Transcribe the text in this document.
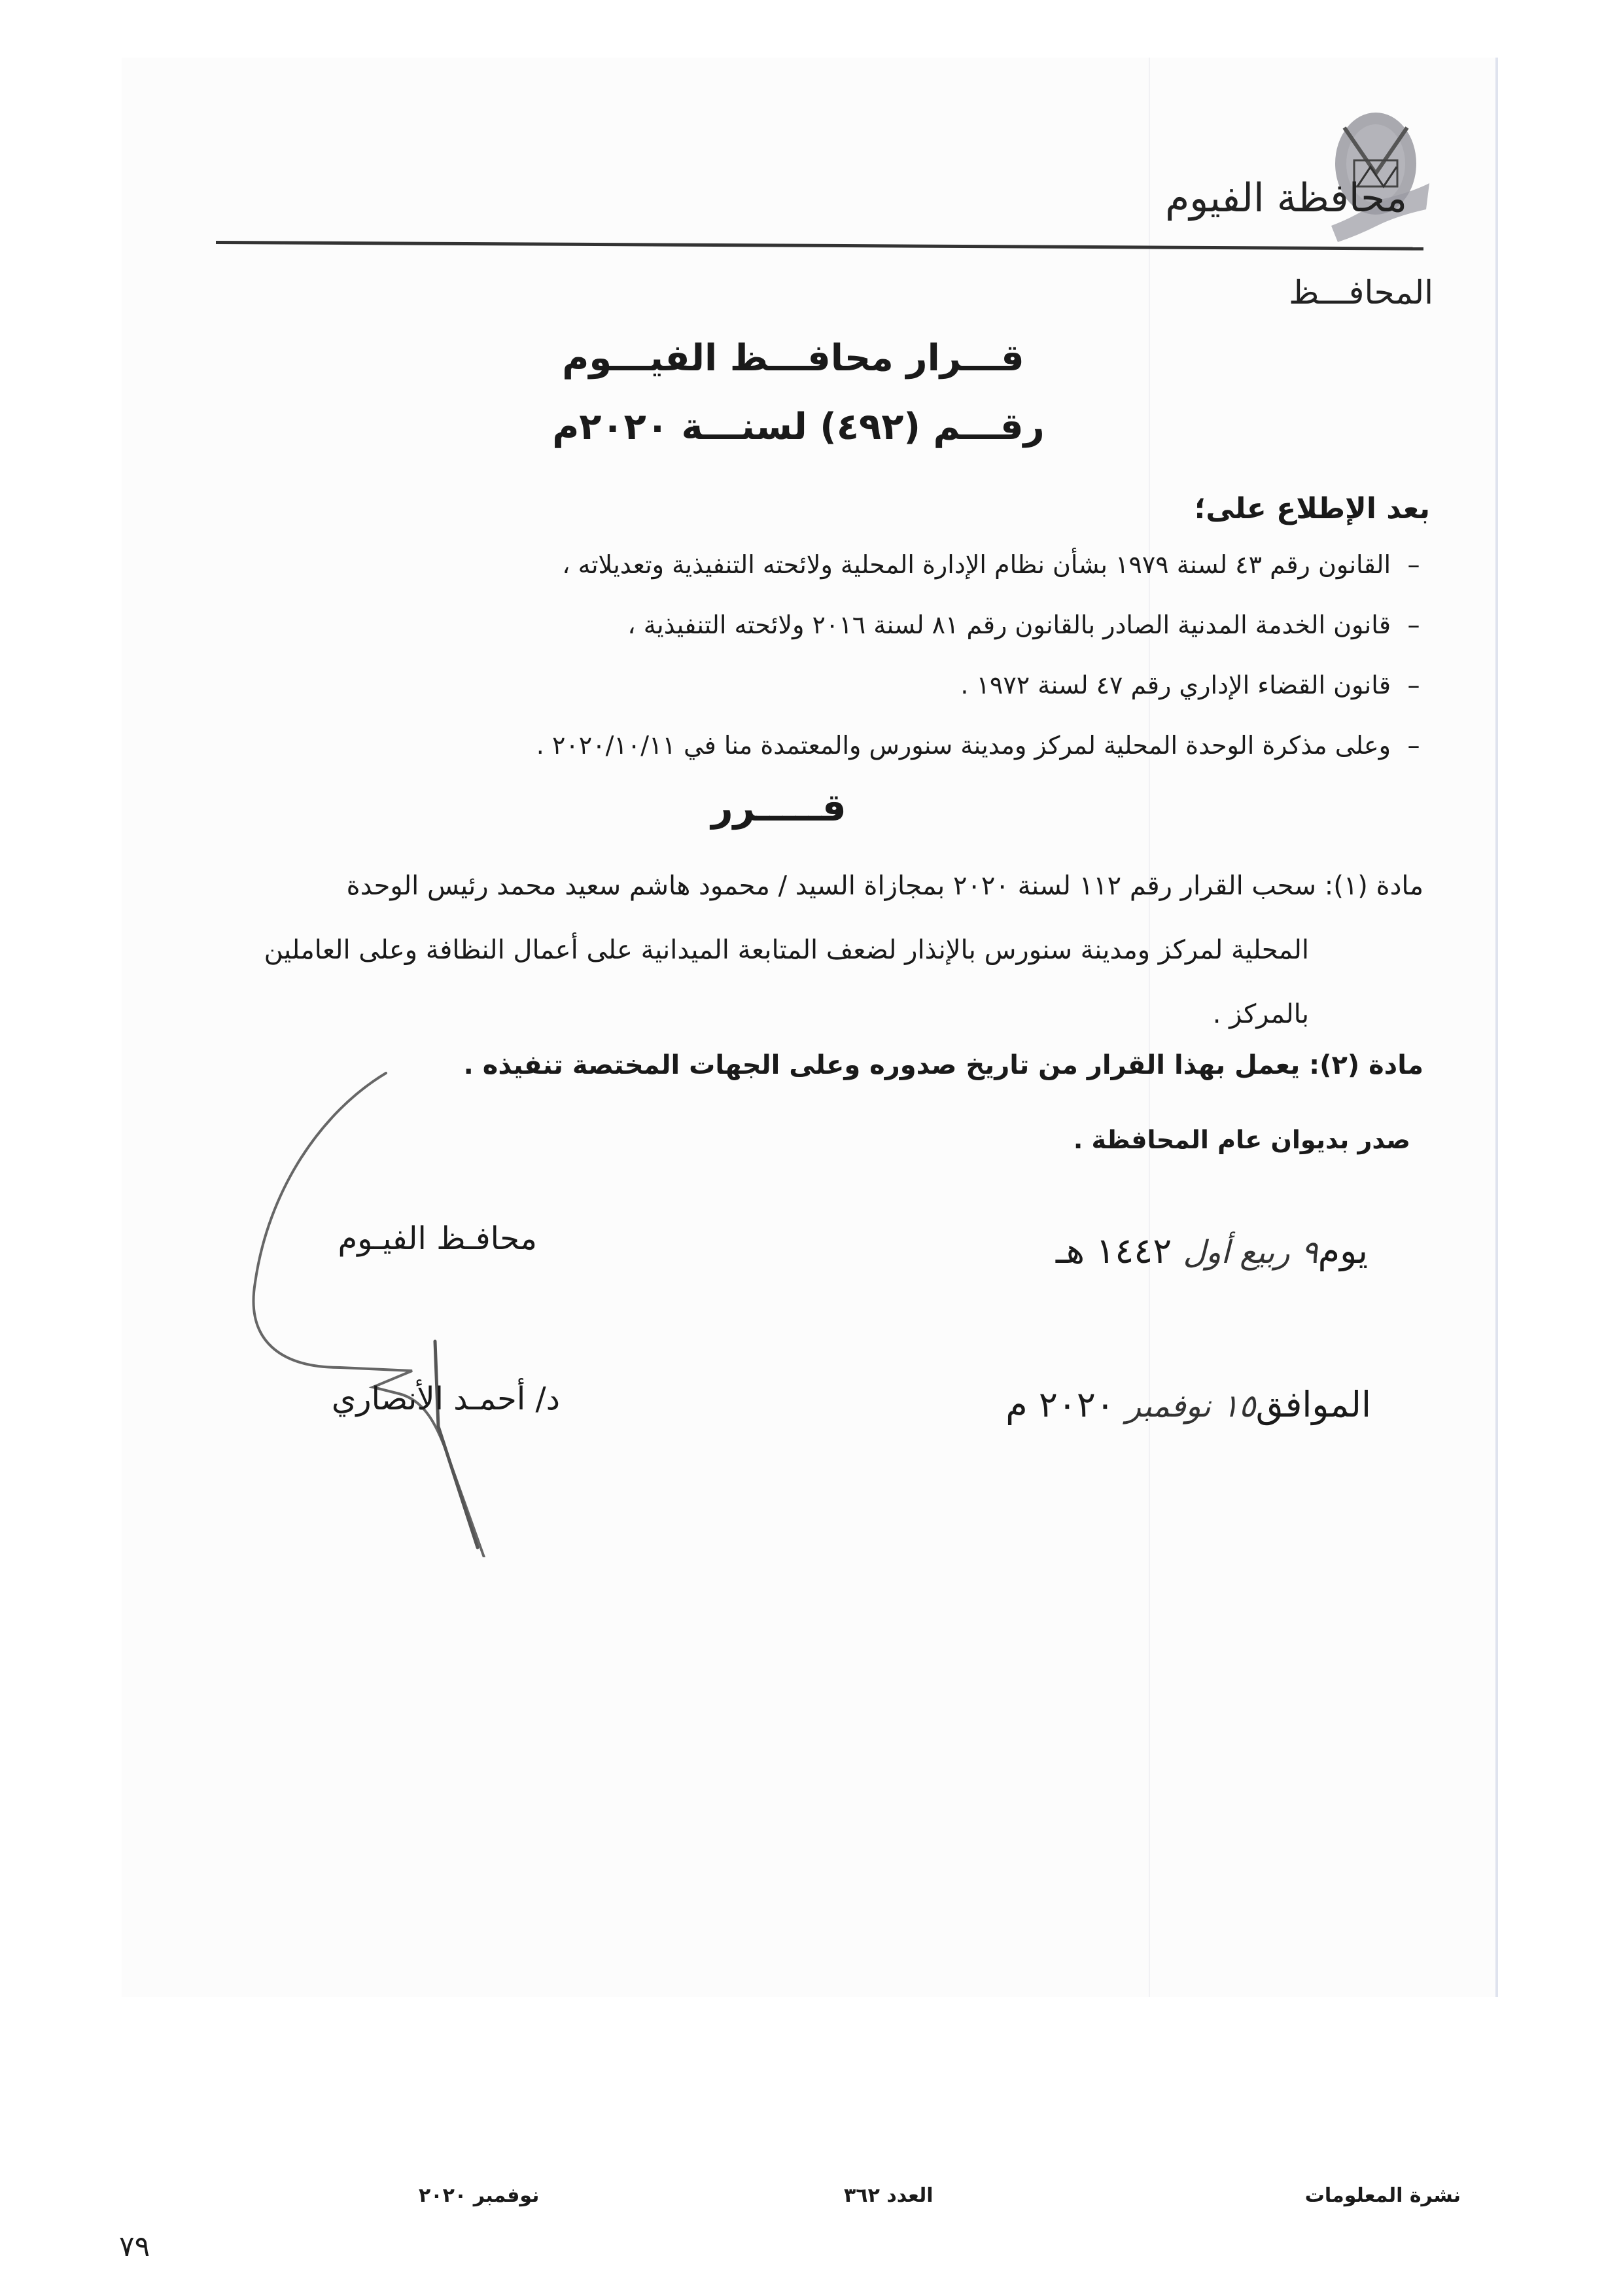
محافظة الفيوم
المحافـــظ
قـــرار محافـــظ الفيـــوم
رقـــم (٤٩٢) لسنـــة ٢٠٢٠م
بعد الإطلاع على؛
–القانون رقم ٤٣ لسنة ١٩٧٩ بشأن نظام الإدارة المحلية ولائحته التنفيذية وتعديلاته ،
–قانون الخدمة المدنية الصادر بالقانون رقم ٨١ لسنة ٢٠١٦ ولائحته التنفيذية ،
–قانون القضاء الإداري رقم ٤٧ لسنة ١٩٧٢ .
–وعلى مذكرة الوحدة المحلية لمركز ومدينة سنورس والمعتمدة منا في ٢٠٢٠/١٠/١١ .
قـــــرر
مادة (١): سحب القرار رقم ١١٢ لسنة ٢٠٢٠ بمجازاة السيد / محمود هاشم سعيد محمد رئيس الوحدة
المحلية لمركز ومدينة سنورس بالإنذار لضعف المتابعة الميدانية على أعمال النظافة وعلى العاملين
بالمركز .
مادة (٢): يعمل بهذا القرار من تاريخ صدوره وعلى الجهات المختصة تنفيذه .
صدر بديوان عام المحافظة .
يوم٩ ربيع أول ١٤٤٢ هـ
الموافق١٥ نوفمبر ٢٠٢٠ م
محافـظ الفيـوم
د/ أحمـد الأنصاري
نشرة المعلومات
العدد ٣٦٢
نوفمبر ٢٠٢٠
٧٩
